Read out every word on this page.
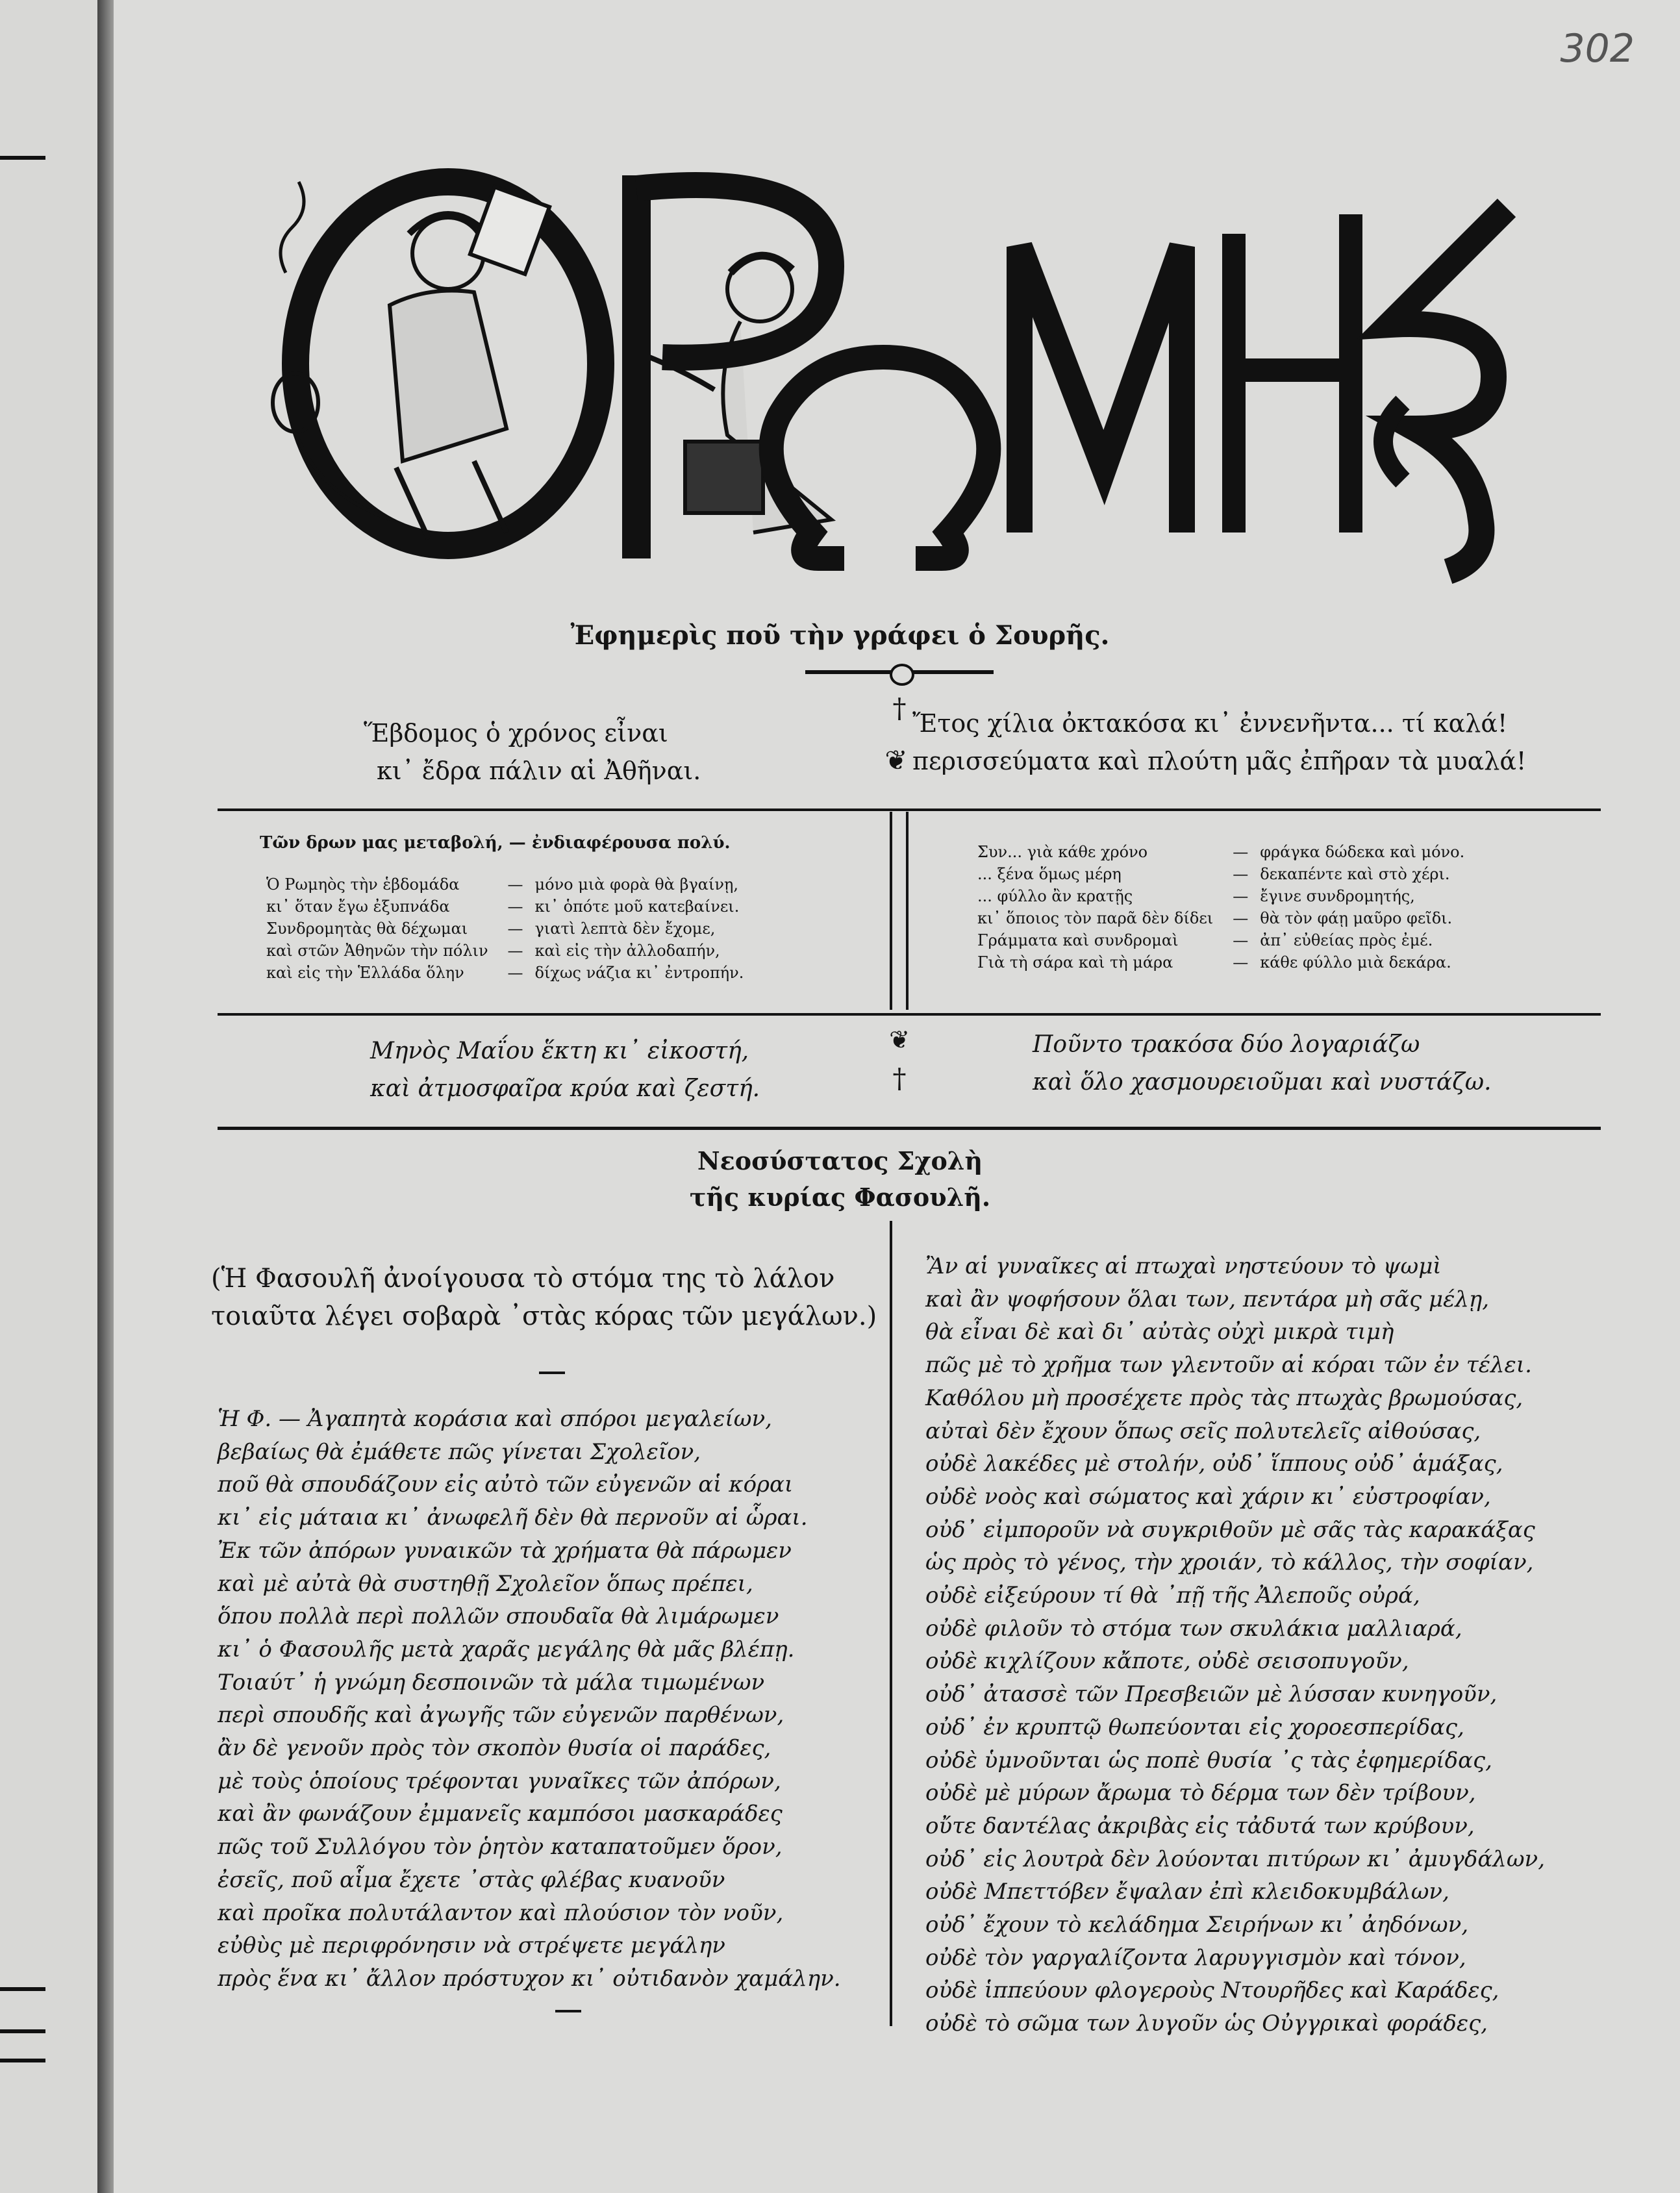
302
Ἐφημερὶς ποῦ τὴν γράφει ὁ Σουρῆς.
Ἕβδομος ὁ χρόνος εἶναι
κι᾽ ἔδρα πάλιν αἱ Ἀθῆναι.
†
❦
Ἔτος χίλια ὀκτακόσα κι᾽ ἐννενῆντα... τί καλά!
περισσεύματα καὶ πλούτη μᾶς ἐπῆραν τὰ μυαλά!
Τῶν δρων μας μεταβολή, — ἐνδιαφέρουσα πολύ.
Ὁ Ρωμηὸς τὴν ἑβδομάδα	—	μόνο μιὰ φορὰ θὰ βγαίνῃ,
κι᾽ ὅταν ἔγω ἐξυπνάδα	—	κι᾽ ὁπότε μοῦ κατεβαίνει.
Συνδρομητὰς θὰ δέχωμαι	—	γιατὶ λεπτὰ δὲν ἔχομε,
καὶ στῶν Ἀθηνῶν τὴν πόλιν	—	καὶ εἰς τὴν ἀλλοδαπήν,
καὶ εἰς τὴν Ἑλλάδα ὅλην	—	δίχως νάζια κι᾽ ἐντροπήν.
Συν... γιὰ κάθε χρόνο	—	φράγκα δώδεκα καὶ μόνο.
... ξένα ὅμως μέρη	—	δεκαπέντε καὶ στὸ χέρι.
... φύλλο ἂν κρατῇς	—	ἔγινε συνδρομητής,
κι᾽ ὅποιος τὸν παρᾶ δὲν δίδει	—	θὰ τὸν φάῃ μαῦρο φεῖδι.
Γράμματα καὶ συνδρομαὶ	—	ἀπ᾽ εὐθείας πρὸς ἐμέ.
Γιὰ τὴ σάρα καὶ τὴ μάρα	—	κάθε φύλλο μιὰ δεκάρα.
Μηνὸς Μαΐου ἕκτη κι᾽ εἰκοστή,
καὶ ἀτμοσφαῖρα κρύα καὶ ζεστή.
❦
†
Ποῦντο τρακόσα δύο λογαριάζω
καὶ ὅλο χασμουρειοῦμαι καὶ νυστάζω.
Νεοσύστατος Σχολὴ
τῆς κυρίας Φασουλῆ.
(Ἡ Φασουλῆ ἀνοίγουσα τὸ στόμα της τὸ λάλον
τοιαῦτα λέγει σοβαρὰ ᾽στὰς κόρας τῶν μεγάλων.)
Ἡ Φ. — Ἀγαπητὰ κοράσια καὶ σπόροι μεγαλείων,
βεβαίως θὰ ἐμάθετε πῶς γίνεται Σχολεῖον,
ποῦ θὰ σπουδάζουν εἰς αὐτὸ τῶν εὐγενῶν αἱ κόραι
κι᾽ εἰς μάταια κι᾽ ἀνωφελῆ δὲν θὰ περνοῦν αἱ ὧραι.
Ἐκ τῶν ἀπόρων γυναικῶν τὰ χρήματα θὰ πάρωμεν
καὶ μὲ αὐτὰ θὰ συστηθῇ Σχολεῖον ὅπως πρέπει,
ὅπου πολλὰ περὶ πολλῶν σπουδαῖα θὰ λιμάρωμεν
κι᾽ ὁ Φασουλῆς μετὰ χαρᾶς μεγάλης θὰ μᾶς βλέπῃ.
Τοιαύτ᾽ ἡ γνώμη δεσποινῶν τὰ μάλα τιμωμένων
περὶ σπουδῆς καὶ ἀγωγῆς τῶν εὐγενῶν παρθένων,
ἂν δὲ γενοῦν πρὸς τὸν σκοπὸν θυσία οἱ παράδες,
μὲ τοὺς ὁποίους τρέφονται γυναῖκες τῶν ἀπόρων,
καὶ ἂν φωνάζουν ἐμμανεῖς καμπόσοι μασκαράδες
πῶς τοῦ Συλλόγου τὸν ῥητὸν καταπατοῦμεν ὅρον,
ἐσεῖς, ποῦ αἷμα ἔχετε ᾽στὰς φλέβας κυανοῦν
καὶ προῖκα πολυτάλαντον καὶ πλούσιον τὸν νοῦν,
εὐθὺς μὲ περιφρόνησιν νὰ στρέψετε μεγάλην
πρὸς ἕνα κι᾽ ἄλλον πρόστυχον κι᾽ οὐτιδανὸν χαμάλην.
Ἂν αἱ γυναῖκες αἱ πτωχαὶ νηστεύουν τὸ ψωμὶ
καὶ ἂν ψοφήσουν ὅλαι των, πεντάρα μὴ σᾶς μέλῃ,
θὰ εἶναι δὲ καὶ δι᾽ αὐτὰς οὐχὶ μικρὰ τιμὴ
πῶς μὲ τὸ χρῆμα των γλεντοῦν αἱ κόραι τῶν ἐν τέλει.
Καθόλου μὴ προσέχετε πρὸς τὰς πτωχὰς βρωμούσας,
αὐταὶ δὲν ἔχουν ὅπως σεῖς πολυτελεῖς αἰθούσας,
οὐδὲ λακέδες μὲ στολήν, οὐδ᾽ ἵππους οὐδ᾽ ἁμάξας,
οὐδὲ νοὸς καὶ σώματος καὶ χάριν κι᾽ εὐστροφίαν,
οὐδ᾽ εἰμποροῦν νὰ συγκριθοῦν μὲ σᾶς τὰς καρακάξας
ὡς πρὸς τὸ γένος, τὴν χροιάν, τὸ κάλλος, τὴν σοφίαν,
οὐδὲ εἰξεύρουν τί θὰ ᾽πῇ τῆς Ἀλεποῦς οὐρά,
οὐδὲ φιλοῦν τὸ στόμα των σκυλάκια μαλλιαρά,
οὐδὲ κιχλίζουν κἄποτε, οὐδὲ σεισοπυγοῦν,
οὐδ᾽ ἀτασσὲ τῶν Πρεσβειῶν μὲ λύσσαν κυνηγοῦν,
οὐδ᾽ ἐν κρυπτῷ θωπεύονται εἰς χοροεσπερίδας,
οὐδὲ ὑμνοῦνται ὡς ποπὲ θυσία ᾽ς τὰς ἐφημερίδας,
οὐδὲ μὲ μύρων ἄρωμα τὸ δέρμα των δὲν τρίβουν,
οὔτε δαντέλας ἀκριβὰς εἰς τἀδυτά των κρύβουν,
οὐδ᾽ εἰς λουτρὰ δὲν λούονται πιτύρων κι᾽ ἀμυγδάλων,
οὐδὲ Μπεττόβεν ἔψαλαν ἐπὶ κλειδοκυμβάλων,
οὐδ᾽ ἔχουν τὸ κελάδημα Σειρήνων κι᾽ ἀηδόνων,
οὐδὲ τὸν γαργαλίζοντα λαρυγγισμὸν καὶ τόνον,
οὐδὲ ἱππεύουν φλογεροὺς Ντουρῆδες καὶ Καράδες,
οὐδὲ τὸ σῶμα των λυγοῦν ὡς Οὐγγρικαὶ φοράδες,
